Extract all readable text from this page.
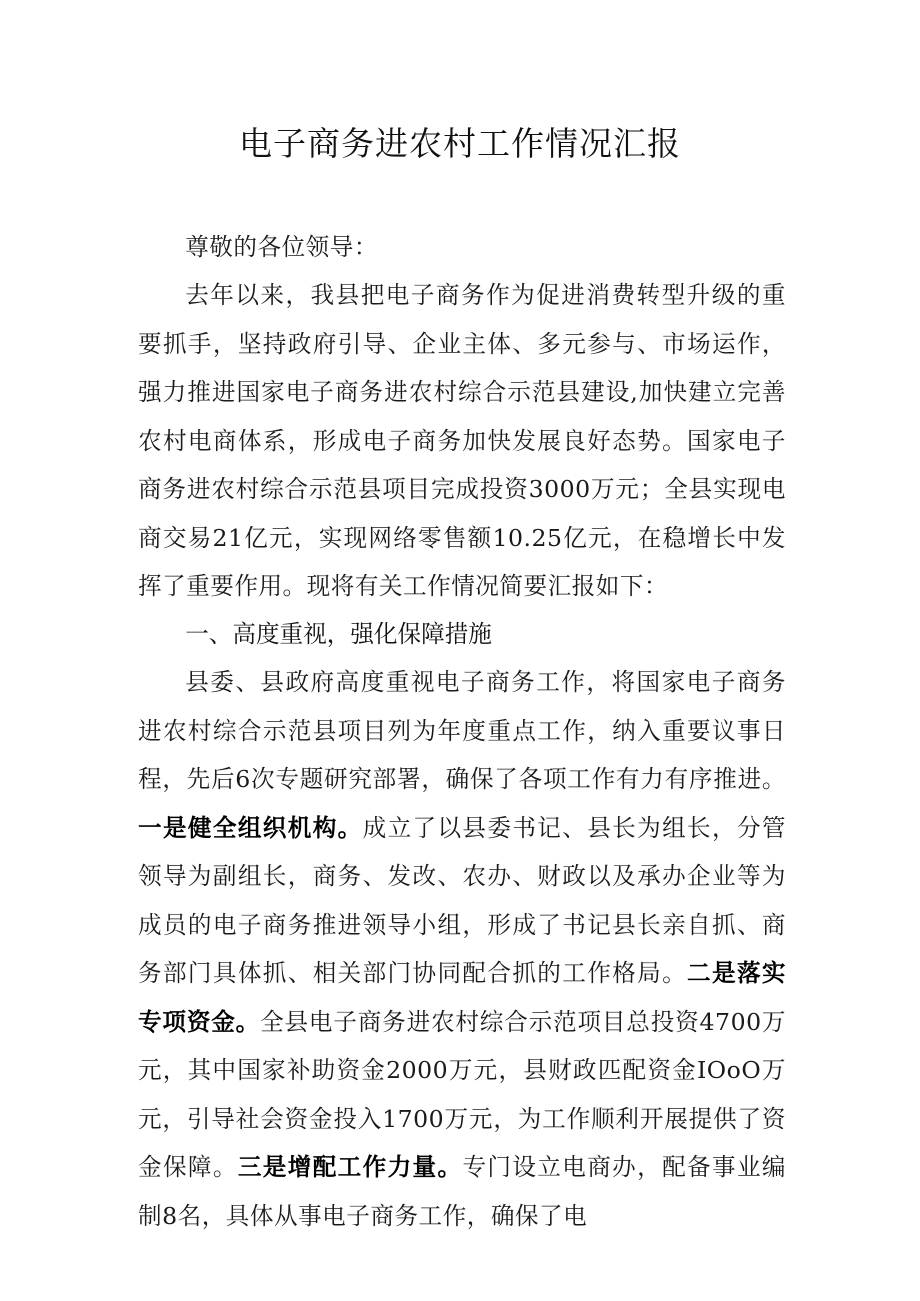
电子商务进农村工作情况汇报
尊敬的各位领导：
去年以来，我县把电子商务作为促进消费转型升级的重要抓手，坚持政府引导、企业主体、多元参与、市场运作，强力推进国家电子商务进农村综合示范县建设,加快建立完善农村电商体系，形成电子商务加快发展良好态势。国家电子商务进农村综合示范县项目完成投资3000万元；全县实现电商交易21亿元，实现网络零售额10.25亿元，在稳增长中发挥了重要作用。现将有关工作情况简要汇报如下：
一、高度重视，强化保障措施
县委、县政府高度重视电子商务工作，将国家电子商务进农村综合示范县项目列为年度重点工作，纳入重要议事日程，先后6次专题研究部署，确保了各项工作有力有序推进。一是健全组织机构。成立了以县委书记、县长为组长，分管领导为副组长，商务、发改、农办、财政以及承办企业等为成员的电子商务推进领导小组，形成了书记县长亲自抓、商务部门具体抓、相关部门协同配合抓的工作格局。二是落实专项资金。全县电子商务进农村综合示范项目总投资4700万元，其中国家补助资金2000万元，县财政匹配资金IOoO万元，引导社会资金投入1700万元，为工作顺利开展提供了资金保障。三是增配工作力量。专门设立电商办，配备事业编制8名，具体从事电子商务工作，确保了电
